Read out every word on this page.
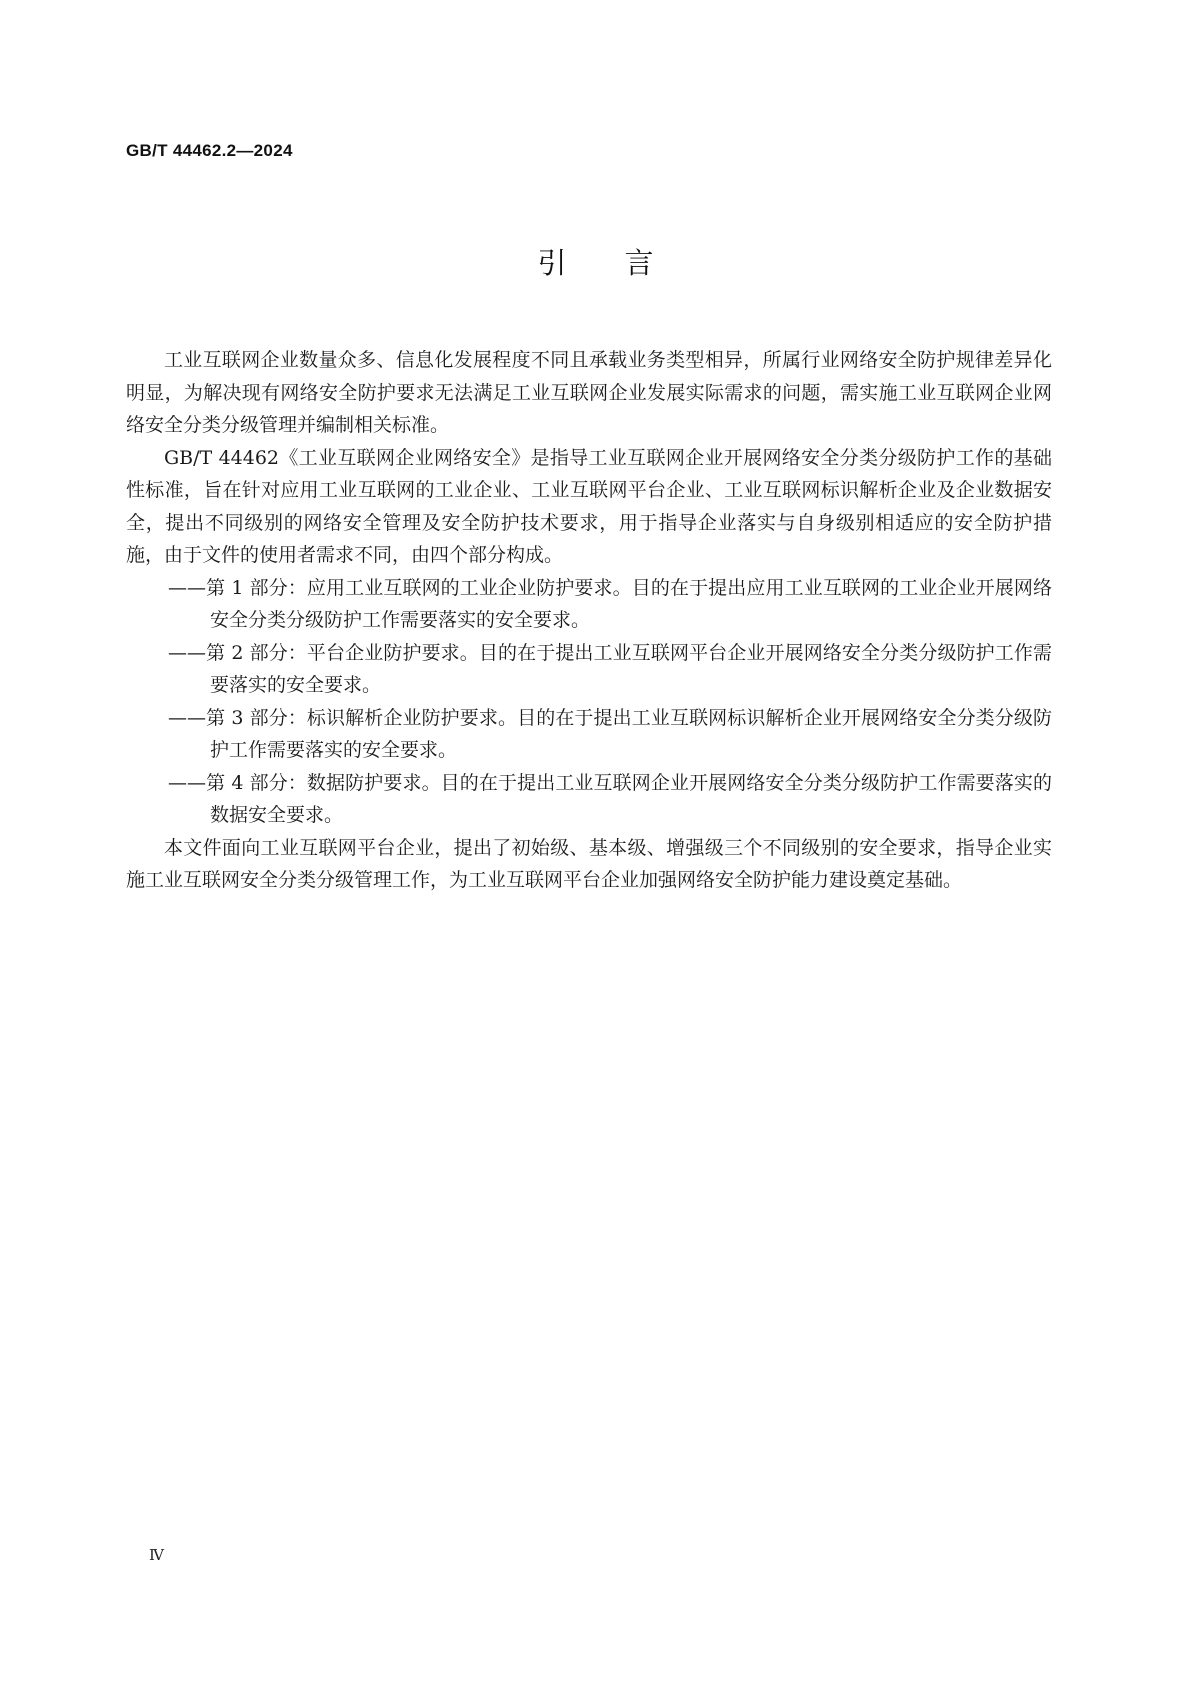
GB/T 44462.2—2024
引言

工业互联网企业数量众多、信息化发展程度不同且承载业务类型相异，所属行业网络安全防护规律差异化明显，为解决现有网络安全防护要求无法满足工业互联网企业发展实际需求的问题，需实施工业互联网企业网络安全分类分级管理并编制相关标准。

GB/T 44462《工业互联网企业网络安全》是指导工业互联网企业开展网络安全分类分级防护工作的基础性标准，旨在针对应用工业互联网的工业企业、工业互联网平台企业、工业互联网标识解析企业及企业数据安全，提出不同级别的网络安全管理及安全防护技术要求，用于指导企业落实与自身级别相适应的安全防护措施，由于文件的使用者需求不同，由四个部分构成。

——第 1 部分：应用工业互联网的工业企业防护要求。目的在于提出应用工业互联网的工业企业开展网络安全分类分级防护工作需要落实的安全要求。
——第 2 部分：平台企业防护要求。目的在于提出工业互联网平台企业开展网络安全分类分级防护工作需要落实的安全要求。
——第 3 部分：标识解析企业防护要求。目的在于提出工业互联网标识解析企业开展网络安全分类分级防护工作需要落实的安全要求。
——第 4 部分：数据防护要求。目的在于提出工业互联网企业开展网络安全分类分级防护工作需要落实的数据安全要求。

本文件面向工业互联网平台企业，提出了初始级、基本级、增强级三个不同级别的安全要求，指导企业实施工业互联网安全分类分级管理工作，为工业互联网平台企业加强网络安全防护能力建设奠定基础。

Ⅳ
